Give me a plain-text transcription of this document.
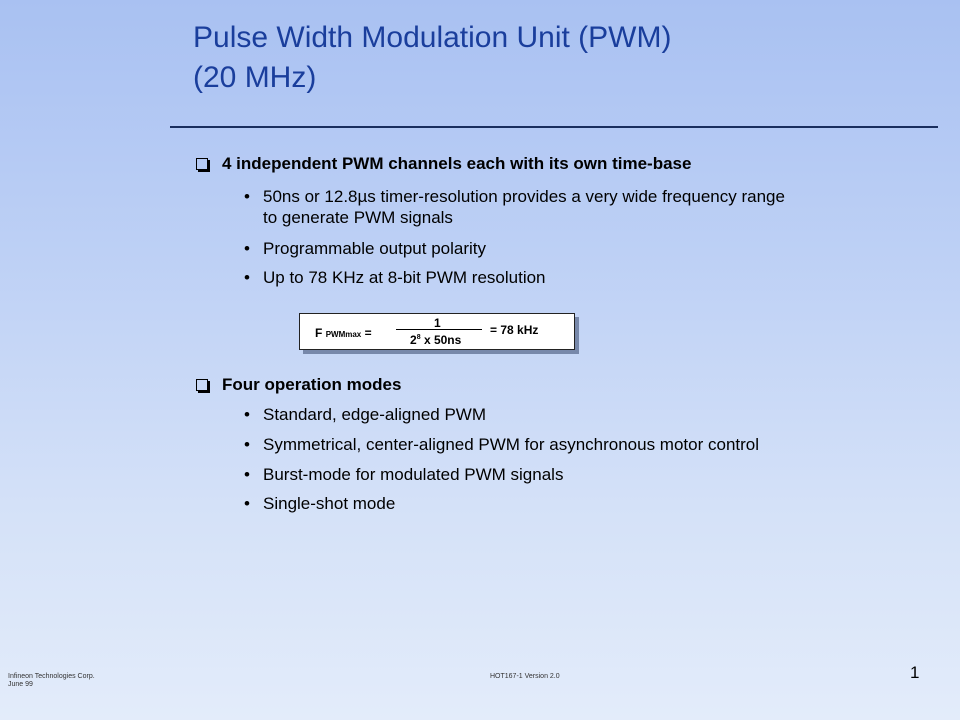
Pulse Width Modulation Unit (PWM)
(20 MHz)
4 independent PWM channels each with its own time-base
• 50ns or 12.8µs timer-resolution provides a very wide frequency range
to generate PWM signals
• Programmable output polarity
• Up to 78 KHz at 8-bit PWM resolution
F PWMmax =
1
$2^8$ x 50ns
= 78 kHz
Four operation modes
• Standard, edge-aligned PWM
• Symmetrical, center-aligned PWM for asynchronous motor control
• Burst-mode for modulated PWM signals
• Single-shot mode
Infineon Technologies Corp.
June 99
HOT167-1 Version 2.0	1
